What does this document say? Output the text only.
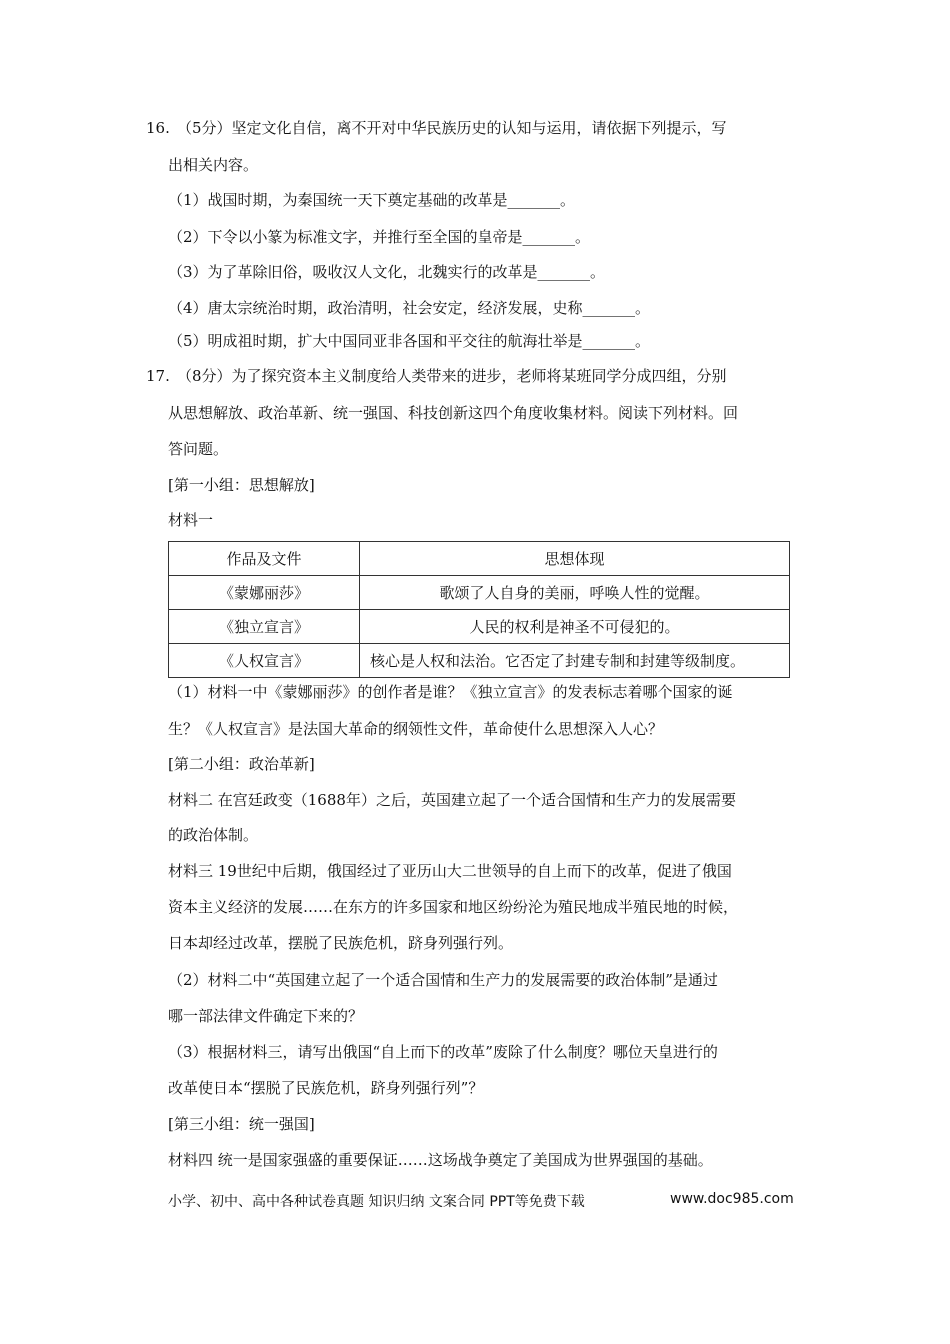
16. （5分）坚定文化自信，离不开对中华民族历史的认知与运用，请依据下列提示，写
出相关内容。
（1）战国时期，为秦国统一天下奠定基础的改革是_______。
（2）下令以小篆为标准文字，并推行至全国的皇帝是_______。
（3）为了革除旧俗，吸收汉人文化，北魏实行的改革是_______。
（4）唐太宗统治时期，政治清明，社会安定，经济发展，史称_______。
（5）明成祖时期，扩大中国同亚非各国和平交往的航海壮举是_______。
17. （8分）为了探究资本主义制度给人类带来的进步，老师将某班同学分成四组，分别
从思想解放、政治革新、统一强国、科技创新这四个角度收集材料。阅读下列材料。回
答问题。
[第一小组：思想解放]
材料一
作品及文件	思想体现
《蒙娜丽莎》	歌颂了人自身的美丽，呼唤人性的觉醒。
《独立宣言》	人民的权利是神圣不可侵犯的。
《人权宣言》	核心是人权和法治。它否定了封建专制和封建等级制度。
（1）材料一中《蒙娜丽莎》的创作者是谁？《独立宣言》的发表标志着哪个国家的诞
生？《人权宣言》是法国大革命的纲领性文件，革命使什么思想深入人心？
[第二小组：政治革新]
材料二 在宫廷政变（1688年）之后，英国建立起了一个适合国情和生产力的发展需要
的政治体制。
材料三 19世纪中后期，俄国经过了亚历山大二世领导的自上而下的改革，促进了俄国
资本主义经济的发展……在东方的许多国家和地区纷纷沦为殖民地成半殖民地的时候，
日本却经过改革，摆脱了民族危机，跻身列强行列。
（2）材料二中“英国建立起了一个适合国情和生产力的发展需要的政治体制”是通过
哪一部法律文件确定下来的？
（3）根据材料三，请写出俄国“自上而下的改革”废除了什么制度？哪位天皇进行的
改革使日本“摆脱了民族危机，跻身列强行列”？
[第三小组：统一强国]
材料四 统一是国家强盛的重要保证……这场战争奠定了美国成为世界强国的基础。
小学、初中、高中各种试卷真题 知识归纳 文案合同 PPT等免费下载	www.doc985.com
